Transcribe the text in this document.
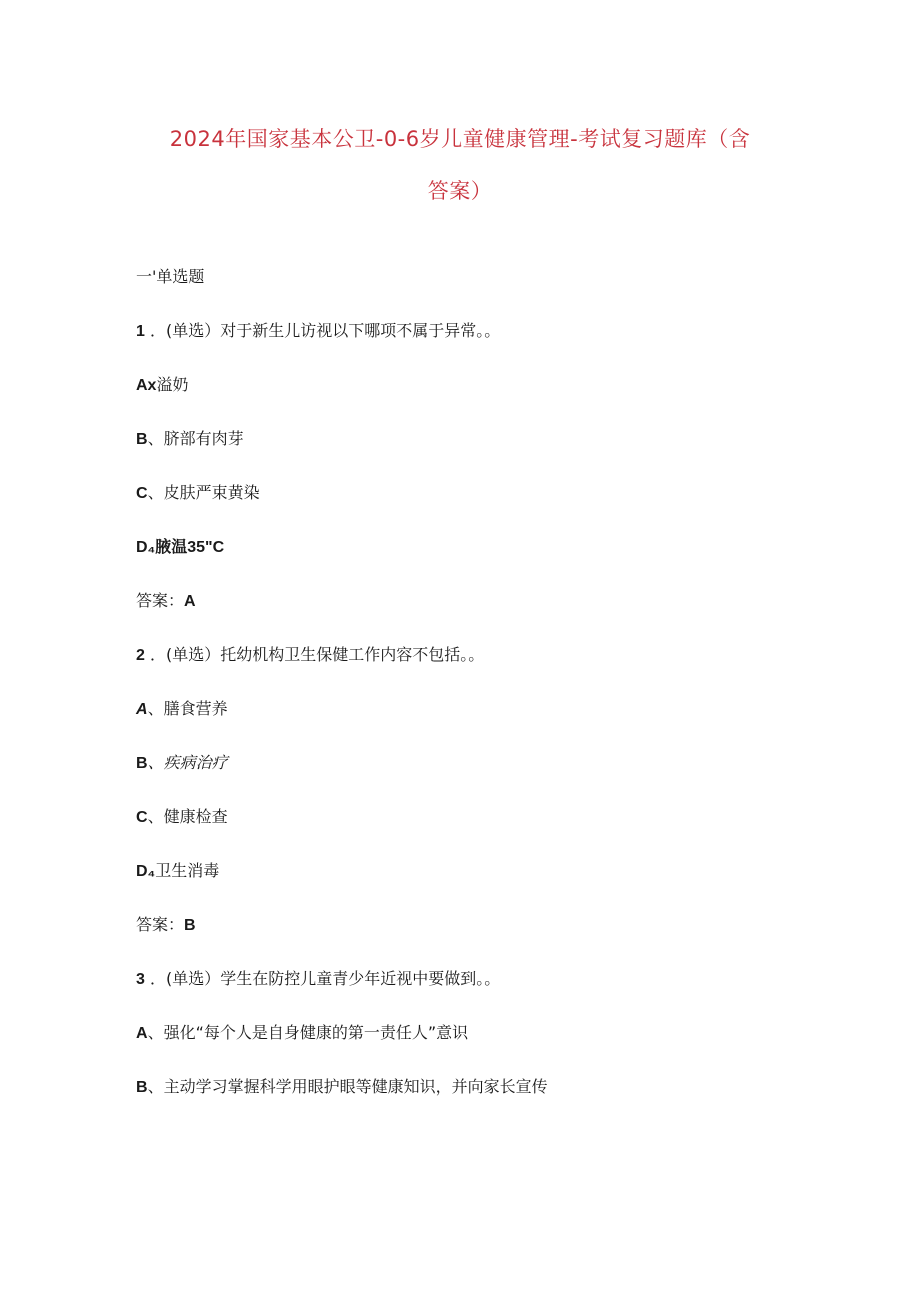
2024年国家基本公卫-0-6岁儿童健康管理-考试复习题库（含
答案）
一'单选题
1 ．(单选）对于新生儿访视以下哪项不属于异常。。
Ax溢奶
B、脐部有肉芽
C、皮肤严束黄染
D₄腋温35"C
答案：A
2 ．(单选）托幼机构卫生保健工作内容不包括。。
A、膳食营养
B、疾病治疗
C、健康检查
D₄卫生消毒
答案：B
3 ．(单选）学生在防控儿童青少年近视中要做到。。
A、强化“每个人是自身健康的第一责任人”意识
B、主动学习掌握科学用眼护眼等健康知识，并向家长宣传
